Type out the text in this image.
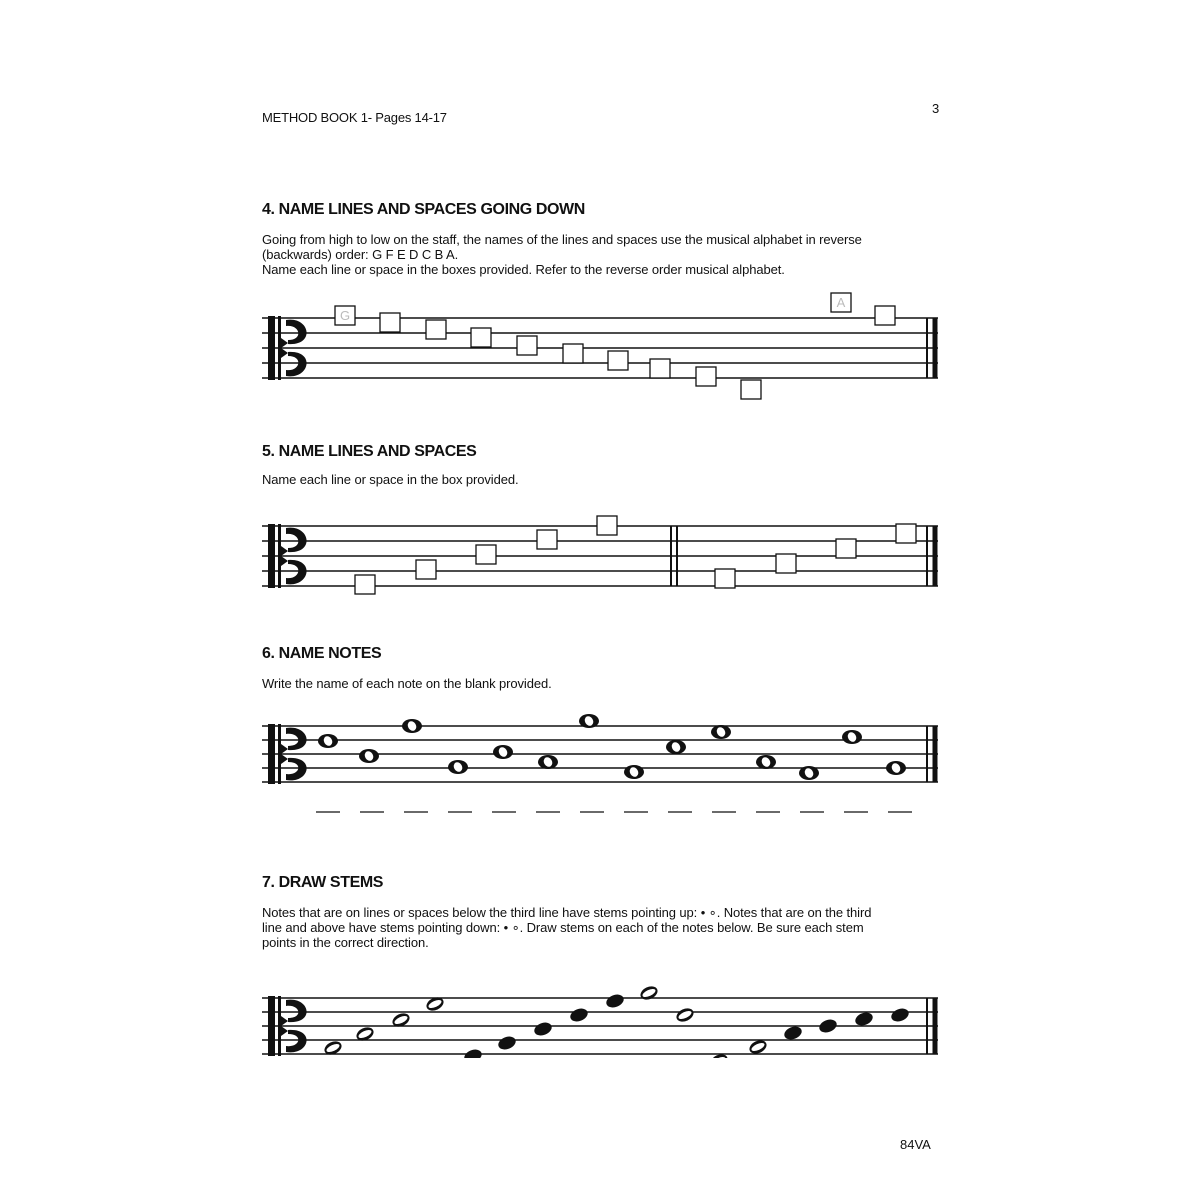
METHOD BOOK 1- Pages 14-17
3
4. NAME LINES AND SPACES GOING DOWN
Going from high to low on the staff, the names of the lines and spaces use the musical alphabet in reverse
(backwards) order: G F E D C B A.
Name each line or space in the boxes provided. Refer to the reverse order musical alphabet.
G
A
5. NAME LINES AND SPACES
Name each line or space in the box provided.
6. NAME NOTES
Write the name of each note on the blank provided.
7. DRAW STEMS
Notes that are on lines or spaces below the third line have stems pointing up: • ∘. Notes that are on the third
line and above have stems pointing down: • ∘. Draw stems on each of the notes below. Be sure each stem
points in the correct direction.
84VA
